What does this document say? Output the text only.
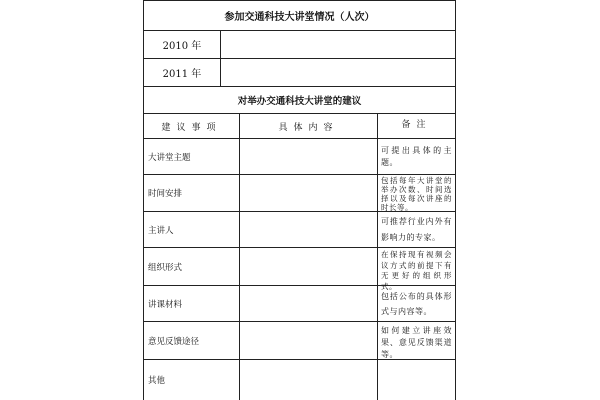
参加交通科技大讲堂情况（人次）
2010 年
2011 年
对举办交通科技大讲堂的建议
建议事项	具体内容	备注
大讲堂主题
可提出具体的主题。
时间安排
包括每年大讲堂的举办次数、时间选择以及每次讲座的时长等。
主讲人
可推荐行业内外有影响力的专家。
组织形式
在保持现有视频会议方式的前提下有无更好的组织形式。
讲课材料
包括公布的具体形式与内容等。
意见反馈途径
如何建立讲座效果、意见反馈渠道等。
其他
